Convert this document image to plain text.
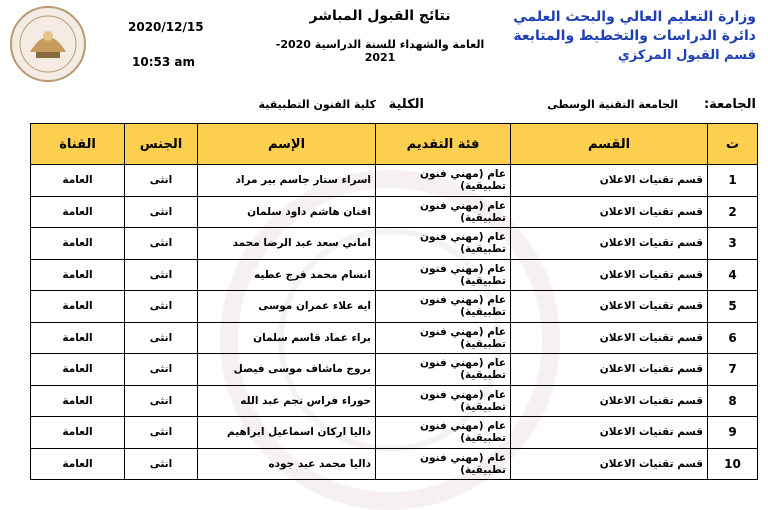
وزارة التعليم العالي والبحث العلمي
دائرة الدراسات والتخطيط والمتابعة
قسم القبول المركزي
نتائج القبول المباشر
العامة والشهداء للسنة الدراسية 2020-2021
2020/12/15
10:53 am
الجامعة:
الجامعة التقنية الوسطى
الكلية
كلية الفنون التطبيقية
ت	القسم	فئة التقديم	الإسم	الجنس	القناة
1	قسم تقنيات الاعلان	عام (مهني فنون تطبيقية)	اسراء ستار جاسم بير مراد	انثى	العامة
2	قسم تقنيات الاعلان	عام (مهني فنون تطبيقية)	افنان هاشم داود سلمان	انثى	العامة
3	قسم تقنيات الاعلان	عام (مهني فنون تطبيقية)	اماني سعد عبد الرضا محمد	انثى	العامة
4	قسم تقنيات الاعلان	عام (مهني فنون تطبيقية)	انسام محمد فرج عطيه	انثى	العامة
5	قسم تقنيات الاعلان	عام (مهني فنون تطبيقية)	ايه علاء عمران موسى	انثى	العامة
6	قسم تقنيات الاعلان	عام (مهني فنون تطبيقية)	براء عماد قاسم سلمان	انثى	العامة
7	قسم تقنيات الاعلان	عام (مهني فنون تطبيقية)	بروج ماشاف موسى فيصل	انثى	العامة
8	قسم تقنيات الاعلان	عام (مهني فنون تطبيقية)	حوراء فراس نجم عبد الله	انثى	العامة
9	قسم تقنيات الاعلان	عام (مهني فنون تطبيقية)	داليا اركان اسماعيل ابراهيم	انثى	العامة
10	قسم تقنيات الاعلان	عام (مهني فنون تطبيقية)	داليا محمد عبد جوده	انثى	العامة
